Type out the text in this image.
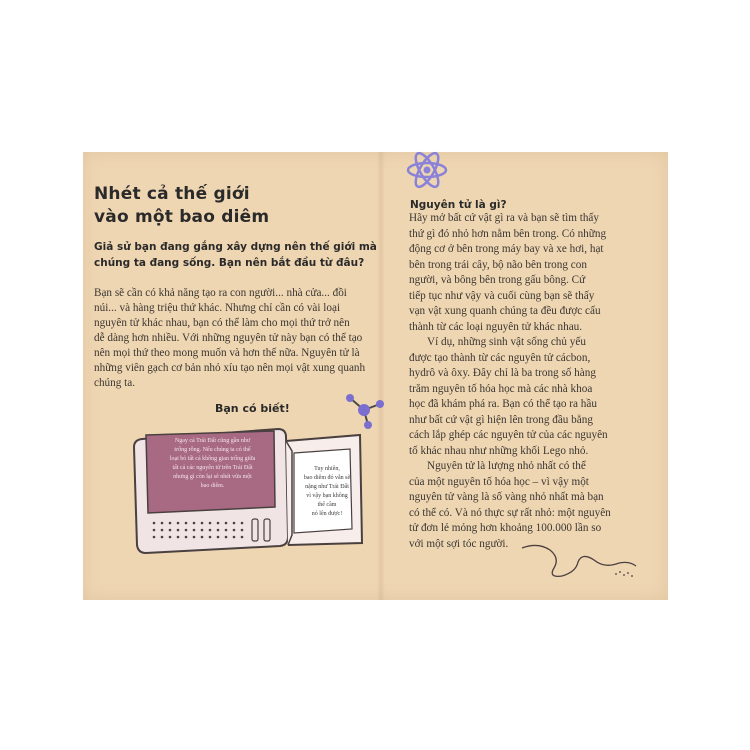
Nhét cả thế giới
vào một bao diêm
Giả sử bạn đang gắng xây dựng nên thế giới mà
chúng ta đang sống. Bạn nên bắt đầu từ đâu?
Bạn sẽ cần có khả năng tạo ra con người... nhà cửa... đồi
núi... và hàng triệu thứ khác. Nhưng chỉ cần có vài loại
nguyên tử khác nhau, bạn có thể làm cho mọi thứ trở nên
dễ dàng hơn nhiều. Với những nguyên tử này bạn có thể tạo
nên mọi thứ theo mong muốn và hơn thế nữa. Nguyên tử là
những viên gạch cơ bản nhỏ xíu tạo nên mọi vật xung quanh
chúng ta.
Bạn có biết!
Ngay cả Trái Đất cũng gần như
trống rỗng. Nếu chúng ta có thể
loại bỏ tất cả không gian trống giữa
tất cả các nguyên tử trên Trái Đất
nhưng gì còn lại sẽ nhét vừa một
bao diêm.
Tuy nhiên,
bao diêm đó vẫn sẽ
nặng như Trái Đất
vì vậy bạn không
thể cầm
nó lên được!
Nguyên tử là gì?
Hãy mở bất cứ vật gì ra và bạn sẽ tìm thấy
thứ gì đó nhỏ hơn nằm bên trong. Có những
động cơ ở bên trong máy bay và xe hơi, hạt
bên trong trái cây, bộ não bên trong con
người, và bông bên trong gấu bông. Cứ
tiếp tục như vậy và cuối cùng bạn sẽ thấy
vạn vật xung quanh chúng ta đều được cấu
thành từ các loại nguyên tử khác nhau.
Ví dụ, những sinh vật sống chủ yếu
được tạo thành từ các nguyên tử cácbon,
hydrô và ôxy. Đây chỉ là ba trong số hàng
trăm nguyên tố hóa học mà các nhà khoa
học đã khám phá ra. Bạn có thể tạo ra hầu
như bất cứ vật gì hiện lên trong đầu bằng
cách lắp ghép các nguyên tử của các nguyên
tố khác nhau như những khối Lego nhỏ.
Nguyên tử là lượng nhỏ nhất có thể
của một nguyên tố hóa học – vì vậy một
nguyên tử vàng là số vàng nhỏ nhất mà bạn
có thể có. Và nó thực sự rất nhỏ: một nguyên
tử đơn lẻ mỏng hơn khoảng 100.000 lần so
với một sợi tóc người.
